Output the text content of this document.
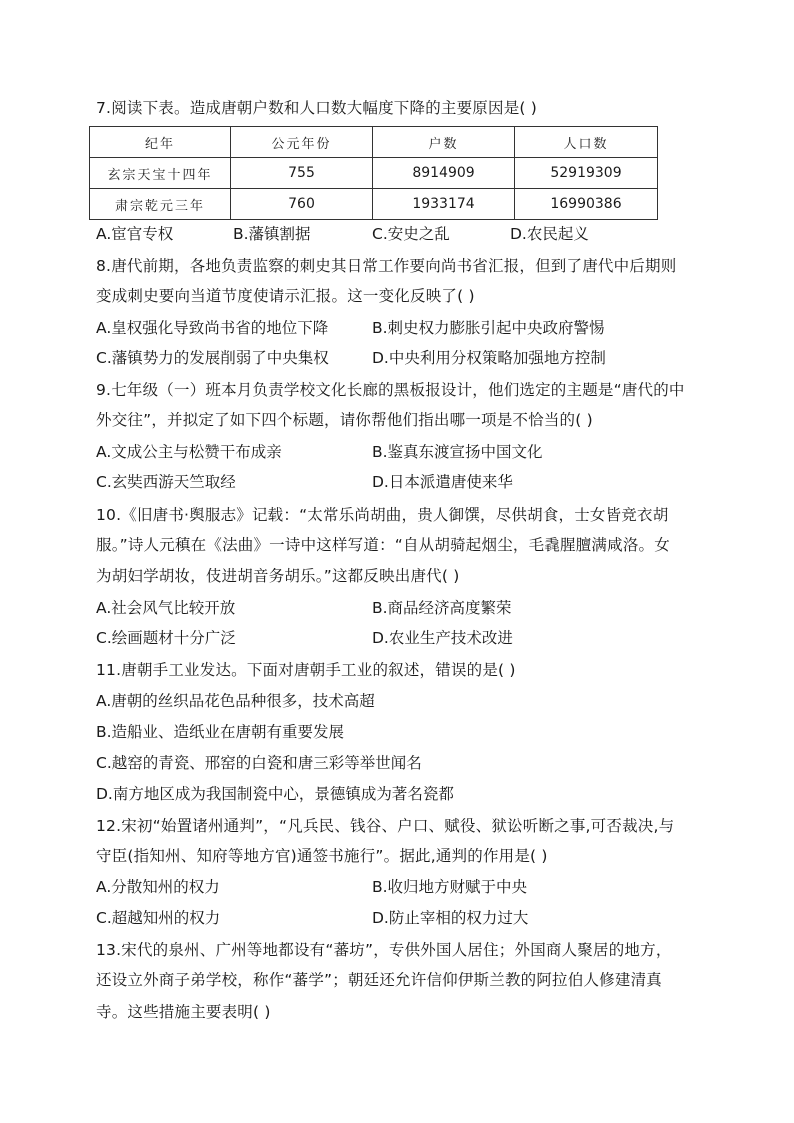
7.阅读下表。造成唐朝户数和人口数大幅度下降的主要原因是( )
纪年	公元年份	户数	人口数
玄宗天宝十四年	755	8914909	52919309
肃宗乾元三年	760	1933174	16990386
A.宦官专权	B.藩镇割据	C.安史之乱	D.农民起义
8.唐代前期，各地负责监察的刺史其日常工作要向尚书省汇报，但到了唐代中后期则
变成刺史要向当道节度使请示汇报。这一变化反映了( )
A.皇权强化导致尚书省的地位下降	B.刺史权力膨胀引起中央政府警惕
C.藩镇势力的发展削弱了中央集权	D.中央利用分权策略加强地方控制
9.七年级（一）班本月负责学校文化长廊的黑板报设计，他们选定的主题是“唐代的中
外交往”，并拟定了如下四个标题，请你帮他们指出哪一项是不恰当的( )
A.文成公主与松赞干布成亲	B.鉴真东渡宣扬中国文化
C.玄奘西游天竺取经	D.日本派遣唐使来华
10.《旧唐书·舆服志》记载：“太常乐尚胡曲，贵人御馔，尽供胡食，士女皆竞衣胡
服。”诗人元稹在《法曲》一诗中这样写道：“自从胡骑起烟尘，毛毳腥膻满咸洛。女
为胡妇学胡妆，伎进胡音务胡乐。”这都反映出唐代( )
A.社会风气比较开放	B.商品经济高度繁荣
C.绘画题材十分广泛	D.农业生产技术改进
11.唐朝手工业发达。下面对唐朝手工业的叙述，错误的是( )
A.唐朝的丝织品花色品种很多，技术高超
B.造船业、造纸业在唐朝有重要发展
C.越窑的青瓷、邢窑的白瓷和唐三彩等举世闻名
D.南方地区成为我国制瓷中心，景德镇成为著名瓷都
12.宋初“始置诸州通判”，“凡兵民、钱谷、户口、赋役、狱讼听断之事,可否裁决,与
守臣(指知州、知府等地方官)通签书施行”。据此,通判的作用是( )
A.分散知州的权力	B.收归地方财赋于中央
C.超越知州的权力	D.防止宰相的权力过大
13.宋代的泉州、广州等地都设有“蕃坊”，专供外国人居住；外国商人聚居的地方，
还设立外商子弟学校，称作“蕃学”；朝廷还允许信仰伊斯兰教的阿拉伯人修建清真
寺。这些措施主要表明( )
